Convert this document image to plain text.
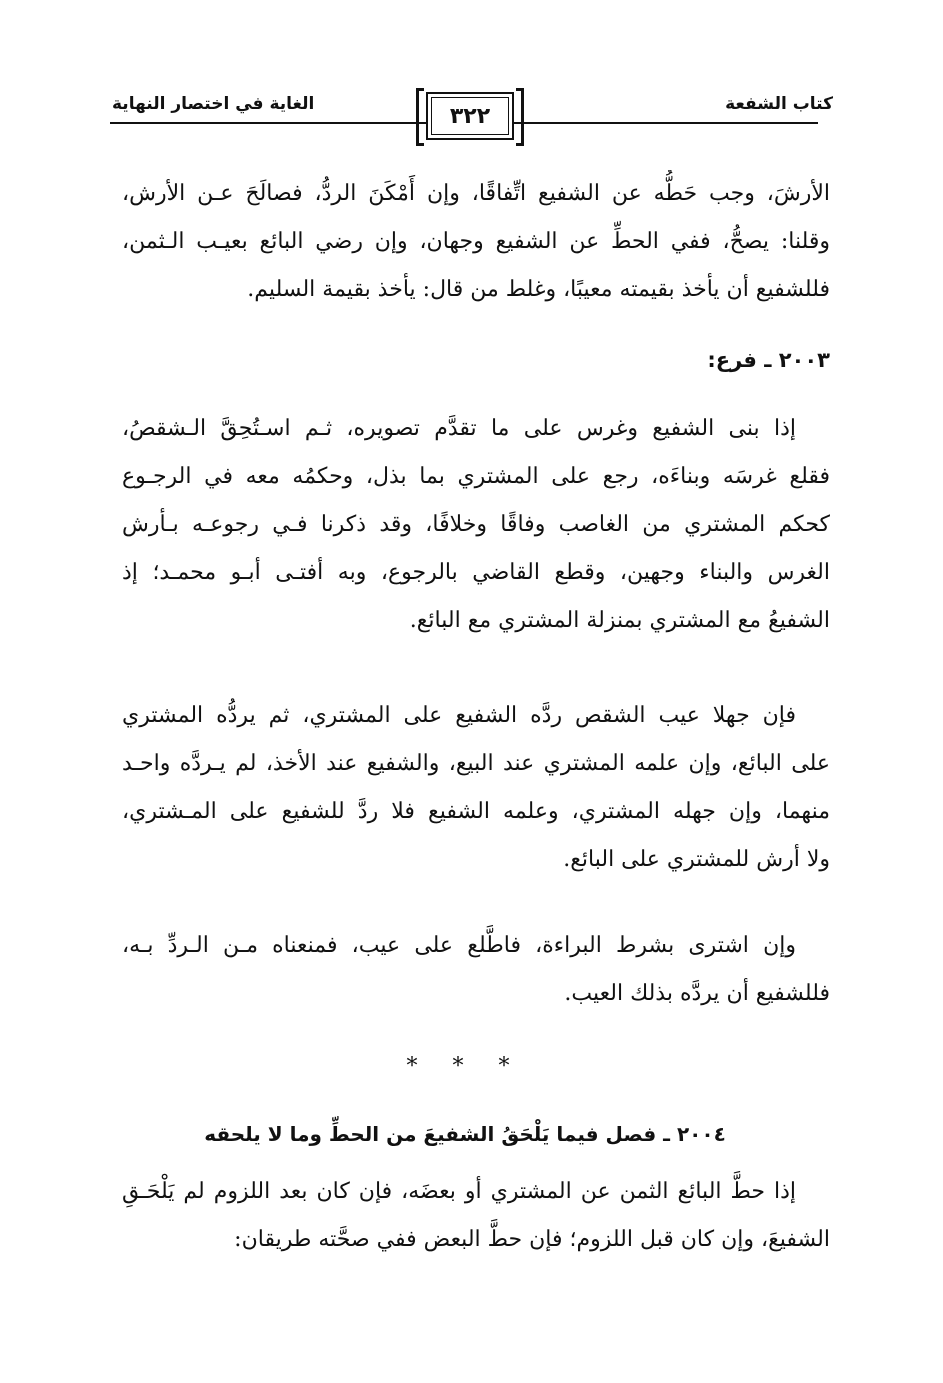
كتاب الشفعة
الغاية في اختصار النهاية	٣٢٢
الأرشَ، وجب حَطُّه عن الشفيع اتِّفاقًا، وإن أَمْكَنَ الردُّ، فصالَحَ عـن الأرش،
وقلنا: يصحُّ، ففي الحطِّ عن الشفيع وجهان، وإن رضي البائع بعيـب الـثمن،
فللشفيع أن يأخذ بقيمته معيبًا، وغلط من قال: يأخذ بقيمة السليم.
٢٠٠٣ ـ فرع:
إذا بنى الشفيع وغرس على ما تقدَّم تصويره، ثـم اسـتُحِقَّ الـشقصُ،
فقلع غرسَه وبناءَه، رجع على المشتري بما بذل، وحكمُه معه في الرجـوع
كحكم المشتري من الغاصب وفاقًا وخلافًا، وقد ذكرنا فـي رجوعـه بـأرش
الغرس والبناء وجهين، وقطع القاضي بالرجوع، وبه أفتـى أبـو محمـد؛ إذ
الشفيعُ مع المشتري بمنزلة المشتري مع البائع.
فإن جهلا عيب الشقص ردَّه الشفيع على المشتري، ثم يردُّه المشتري
على البائع، وإن علمه المشتري عند البيع، والشفيع عند الأخذ، لم يـردَّه واحـد
منهما، وإن جهله المشتري، وعلمه الشفيع فلا ردَّ للشفيع على المـشتري،
ولا أرش للمشتري على البائع.
وإن اشترى بشرط البراءة، فاطَّلع على عيب، فمنعناه مـن الـردِّ بـه،
فللشفيع أن يردَّه بذلك العيب.
* * *
٢٠٠٤ ـ فصل فيما يَلْحَقُ الشفيعَ من الحطِّ وما لا يلحقه
إذا حطَّ البائع الثمن عن المشتري أو بعضَه، فإن كان بعد اللزوم لم يَلْحَـقِ
الشفيعَ، وإن كان قبل اللزوم؛ فإن حطَّ البعض ففي صحَّته طريقان:
